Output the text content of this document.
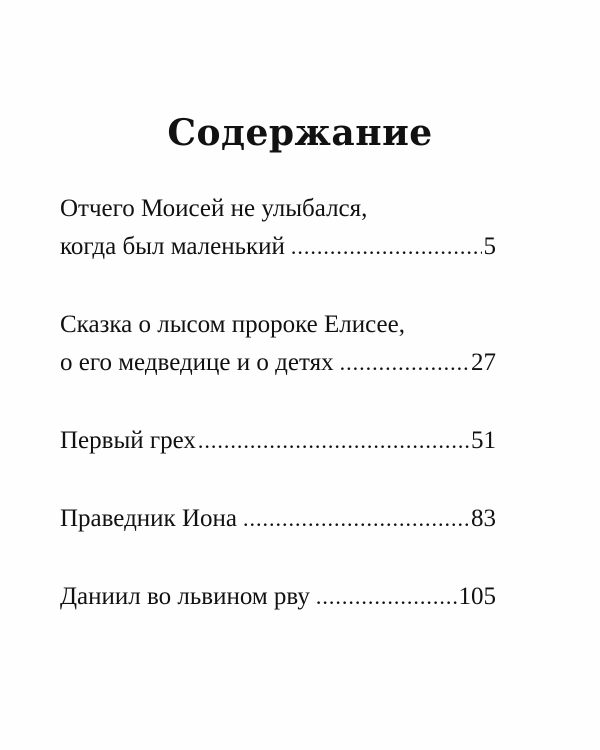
Содержание
Отчего Моисей не улыбался,
когда был маленький .....	5
Сказка о лысом пророке Елисее,
о его медведице и о детях .....	27
Первый грех .....	51
Праведник Иона .....	83
Даниил во львином рву .....	105
